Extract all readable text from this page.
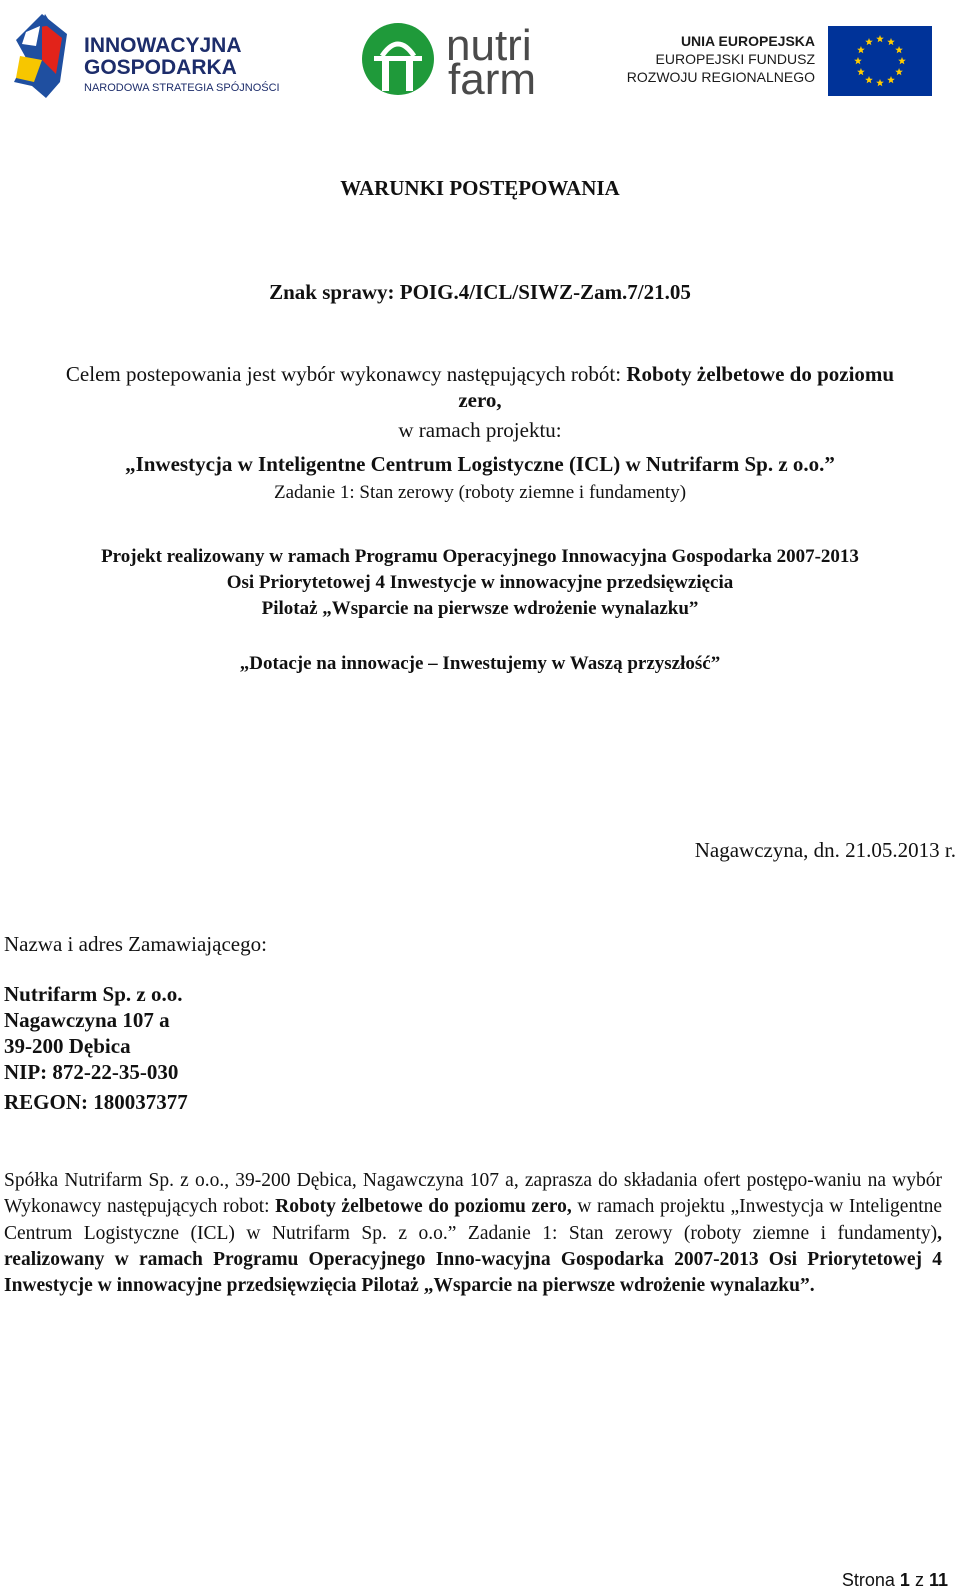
INNOWACYJNA
GOSPODARKA
NARODOWA STRATEGIA SPÓJNOŚCI
nutri
farm
UNIA EUROPEJSKA
EUROPEJSKI FUNDUSZ
ROZWOJU REGIONALNEGO
WARUNKI POSTĘPOWANIA
Znak sprawy: POIG.4/ICL/SIWZ-Zam.7/21.05
Celem postepowania jest wybór wykonawcy następujących robót: Roboty żelbetowe do poziomu
zero,
w ramach projektu:
„Inwestycja w Inteligentne Centrum Logistyczne (ICL) w Nutrifarm Sp. z o.o.”
Zadanie 1: Stan zerowy (roboty ziemne i fundamenty)
Projekt realizowany w ramach Programu Operacyjnego Innowacyjna Gospodarka 2007-2013
Osi Priorytetowej 4 Inwestycje w innowacyjne przedsięwzięcia
Pilotaż „Wsparcie na pierwsze wdrożenie wynalazku”
„Dotacje na innowacje – Inwestujemy w Waszą przyszłość”
Nagawczyna, dn. 21.05.2013 r.
Nazwa i adres Zamawiającego:
Nutrifarm Sp. z o.o.
Nagawczyna 107 a
39-200 Dębica
NIP: 872-22-35-030
REGON: 180037377
Spółka Nutrifarm Sp. z o.o., 39-200 Dębica, Nagawczyna 107 a, zaprasza do składania ofert postępo-waniu na wybór Wykonawcy następujących robot: Roboty żelbetowe do poziomu zero, w ramach projektu „Inwestycja w Inteligentne Centrum Logistyczne (ICL) w Nutrifarm Sp. z o.o.” Zadanie 1: Stan zerowy (roboty ziemne i fundamenty), realizowany w ramach Programu Operacyjnego Inno-wacyjna Gospodarka 2007-2013 Osi Priorytetowej 4 Inwestycje w innowacyjne przedsięwzięcia Pilotaż „Wsparcie na pierwsze wdrożenie wynalazku”.
Strona 1 z 11
